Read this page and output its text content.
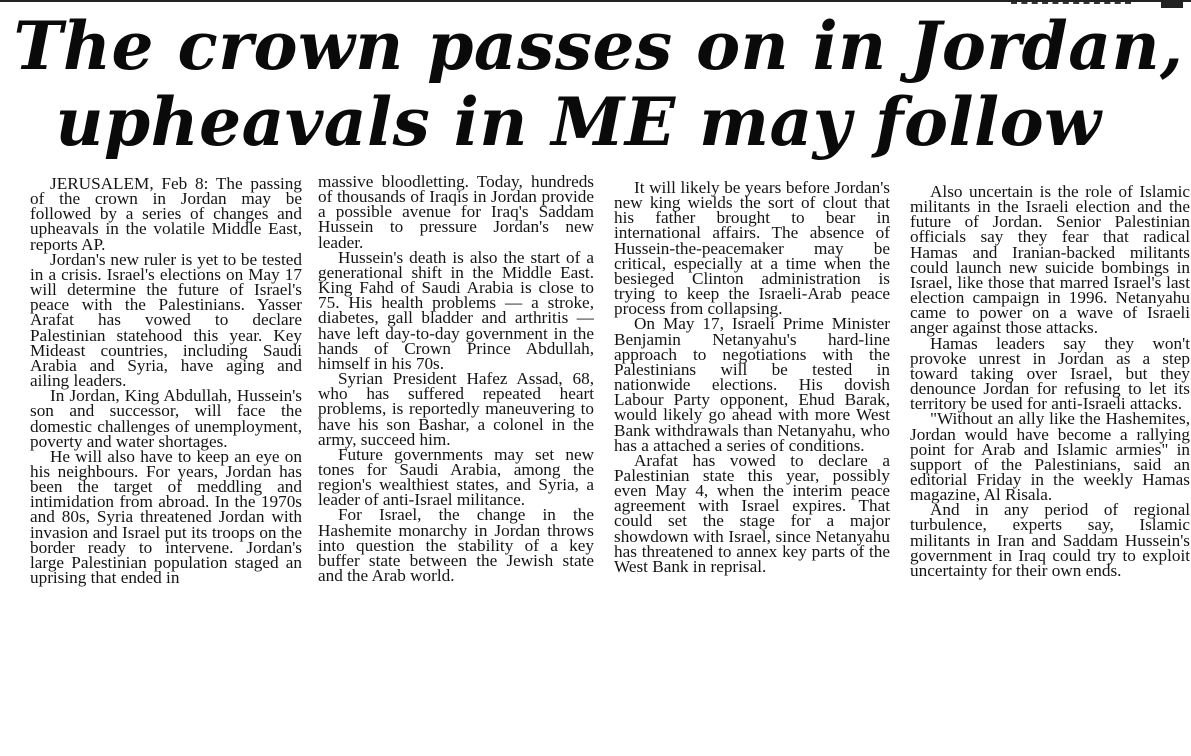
The crown passes on in Jordan,
upheavals in ME may follow

JERUSALEM, Feb 8: The passing of the crown in Jordan may be followed by a series of changes and upheavals in the volatile Middle East, reports AP.

Jordan's new ruler is yet to be tested in a crisis. Israel's elections on May 17 will determine the future of Israel's peace with the Palestinians. Yasser Arafat has vowed to declare Palestinian statehood this year. Key Mideast countries, including Saudi Arabia and Syria, have aging and ailing leaders.

In Jordan, King Abdullah, Hussein's son and successor, will face the domestic challenges of unemployment, poverty and water shortages.

He will also have to keep an eye on his neighbours. For years, Jordan has been the target of meddling and intimidation from abroad. In the 1970s and 80s, Syria threatened Jordan with invasion and Israel put its troops on the border ready to intervene. Jordan's large Palestinian population staged an uprising that ended in

massive bloodletting. Today, hundreds of thousands of Iraqis in Jordan provide a possible avenue for Iraq's Saddam Hussein to pressure Jordan's new leader.

Hussein's death is also the start of a generational shift in the Middle East. King Fahd of Saudi Arabia is close to 75. His health problems — a stroke, diabetes, gall bladder and arthritis — have left day-to-day government in the hands of Crown Prince Abdullah, himself in his 70s.

Syrian President Hafez Assad, 68, who has suffered repeated heart problems, is reportedly maneuvering to have his son Bashar, a colonel in the army, succeed him.

Future governments may set new tones for Saudi Arabia, among the region's wealthiest states, and Syria, a leader of anti-Israel militance.

For Israel, the change in the Hashemite monarchy in Jordan throws into question the stability of a key buffer state between the Jewish state and the Arab world.

It will likely be years before Jordan's new king wields the sort of clout that his father brought to bear in international affairs. The absence of Hussein-the-peacemaker may be critical, especially at a time when the besieged Clinton administration is trying to keep the Israeli-Arab peace process from collapsing.

On May 17, Israeli Prime Minister Benjamin Netanyahu's hard-line approach to negotiations with the Palestinians will be tested in nationwide elections. His dovish Labour Party opponent, Ehud Barak, would likely go ahead with more West Bank withdrawals than Netanyahu, who has a attached a series of conditions.

Arafat has vowed to declare a Palestinian state this year, possibly even May 4, when the interim peace agreement with Israel expires. That could set the stage for a major showdown with Israel, since Netanyahu has threatened to annex key parts of the West Bank in reprisal.

Also uncertain is the role of Islamic militants in the Israeli election and the future of Jordan. Senior Palestinian officials say they fear that radical Hamas and Iranian-backed militants could launch new suicide bombings in Israel, like those that marred Israel's last election campaign in 1996. Netanyahu came to power on a wave of Israeli anger against those attacks.

Hamas leaders say they won't provoke unrest in Jordan as a step toward taking over Israel, but they denounce Jordan for refusing to let its territory be used for anti-Israeli attacks.

"Without an ally like the Hashemites, Jordan would have become a rallying point for Arab and Islamic armies" in support of the Palestinians, said an editorial Friday in the weekly Hamas magazine, Al Risala.

And in any period of regional turbulence, experts say, Islamic militants in Iran and Saddam Hussein's government in Iraq could try to exploit uncertainty for their own ends.
